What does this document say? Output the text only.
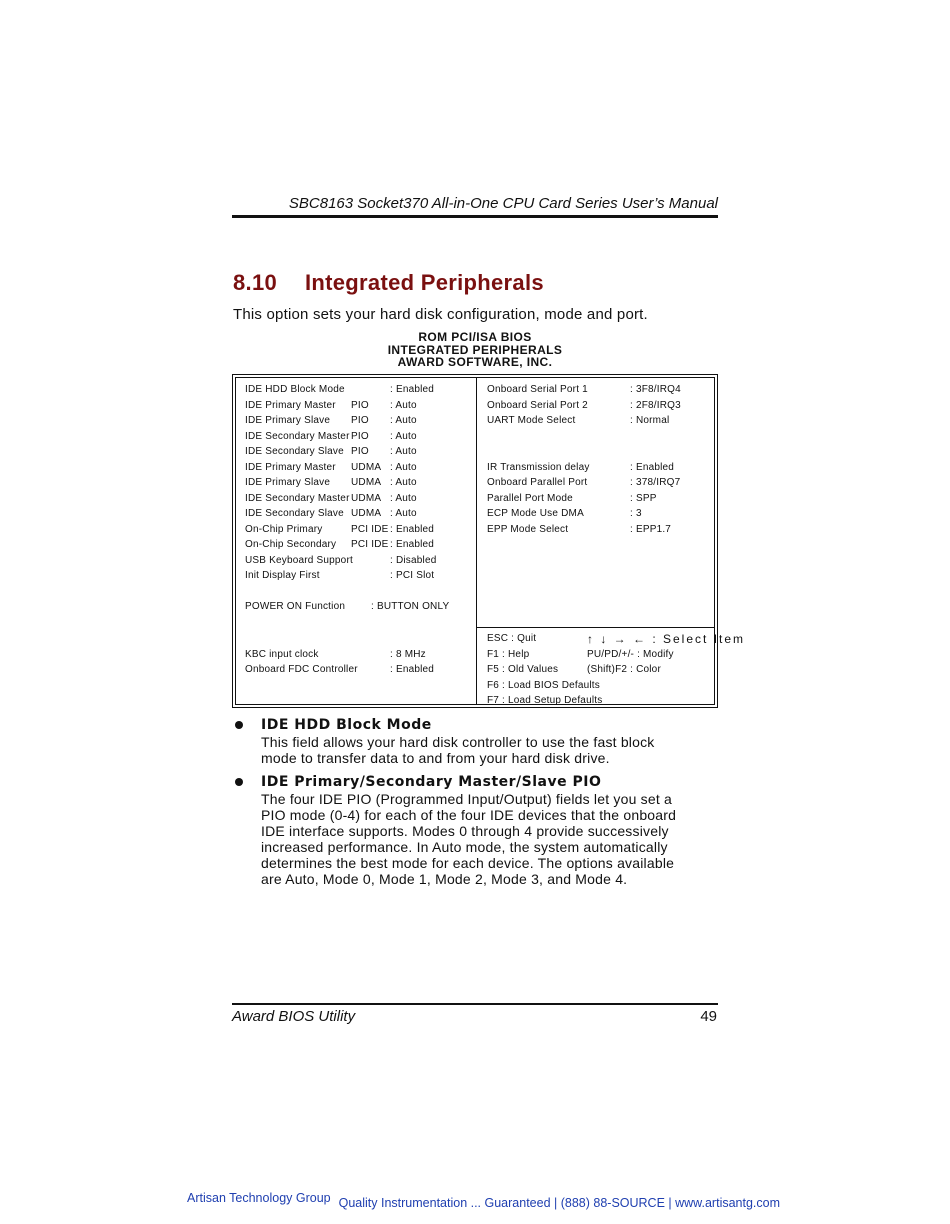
SBC8163 Socket370 All-in-One CPU Card Series User’s Manual
8.10 Integrated Peripherals
This option sets your hard disk configuration, mode and port.
ROM PCI/ISA BIOS
INTEGRATED PERIPHERALS
AWARD SOFTWARE, INC.
IDE HDD Block Mode	: Enabled
IDE Primary Master PIO : Auto
IDE Primary Slave PIO : Auto
IDE Secondary Master PIO : Auto
IDE Secondary Slave PIO : Auto
IDE Primary Master UDMA : Auto
IDE Primary Slave UDMA : Auto
IDE Secondary Master UDMA : Auto
IDE Secondary Slave UDMA : Auto
On-Chip Primary	PCI IDE : Enabled
On-Chip Secondary PCI IDE : Enabled
USB Keyboard Support	: Disabled
Init Display First	: PCI Slot
POWER ON Function	: BUTTON ONLY
KBC input clock	: 8 MHz
Onboard FDC Controller	: Enabled
Onboard Serial Port 1	: 3F8/IRQ4
Onboard Serial Port 2	: 2F8/IRQ3
UART Mode Select	: Normal
IR Transmission delay	: Enabled
Onboard Parallel Port	: 378/IRQ7
Parallel Port Mode	: SPP
ECP Mode Use DMA	: 3
EPP Mode Select	: EPP1.7
ESC : Quit	↑ ↓ → ← : Select Item
F1 : Help	PU/PD/+/- : Modify
F5 : Old Values	(Shift)F2 : Color
F6 : Load BIOS Defaults
F7 : Load Setup Defaults
IDE HDD Block Mode

This field allows your hard disk controller to use the fast block
mode to transfer data to and from your hard disk drive.

IDE Primary/Secondary Master/Slave PIO

The four IDE PIO (Programmed Input/Output) fields let you set a
PIO mode (0-4) for each of the four IDE devices that the onboard
IDE interface supports. Modes 0 through 4 provide successively
increased performance. In Auto mode, the system automatically
determines the best mode for each device. The options available
are Auto, Mode 0, Mode 1, Mode 2, Mode 3, and Mode 4.

Award BIOS Utility	49
Artisan Technology Group Quality Instrumentation ... Guaranteed | (888) 88-SOURCE | www.artisantg.com
